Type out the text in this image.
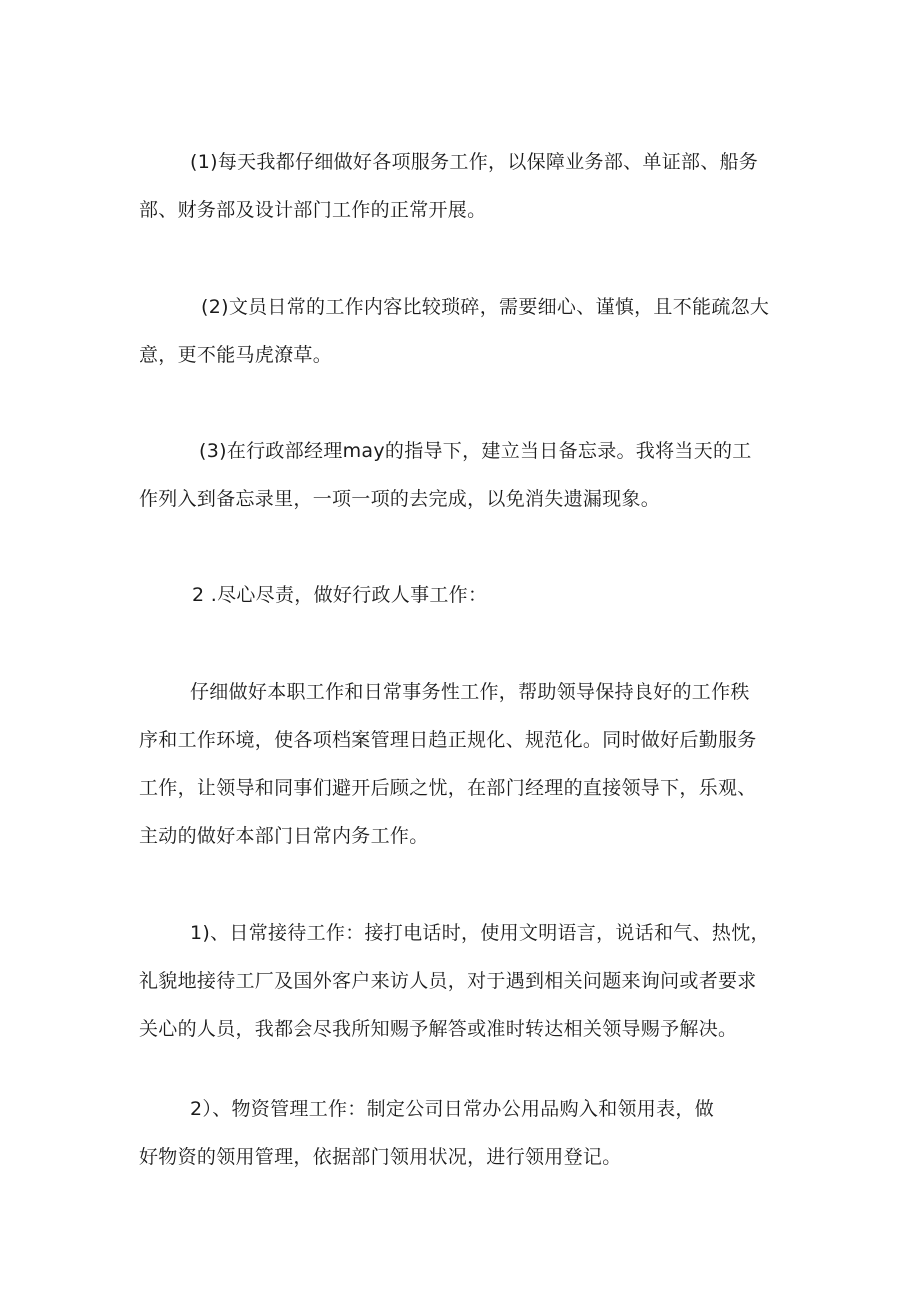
(1)每天我都仔细做好各项服务工作，以保障业务部、单证部、船务
部、财务部及设计部门工作的正常开展。
(2)文员日常的工作内容比较琐碎，需要细心、谨慎，且不能疏忽大
意，更不能马虎潦草。
(3)在行政部经理may的指导下，建立当日备忘录。我将当天的工
作列入到备忘录里，一项一项的去完成，以免消失遗漏现象。
2 .尽心尽责，做好行政人事工作：
仔细做好本职工作和日常事务性工作，帮助领导保持良好的工作秩
序和工作环境，使各项档案管理日趋正规化、规范化。同时做好后勤服务
工作，让领导和同事们避开后顾之忧，在部门经理的直接领导下，乐观、
主动的做好本部门日常内务工作。
1)、日常接待工作：接打电话时，使用文明语言，说话和气、热忱，
礼貌地接待工厂及国外客户来访人员，对于遇到相关问题来询问或者要求
关心的人员，我都会尽我所知赐予解答或准时转达相关领导赐予解决。
2）、物资管理工作：制定公司日常办公用品购入和领用表，做
好物资的领用管理，依据部门领用状况，进行领用登记。
